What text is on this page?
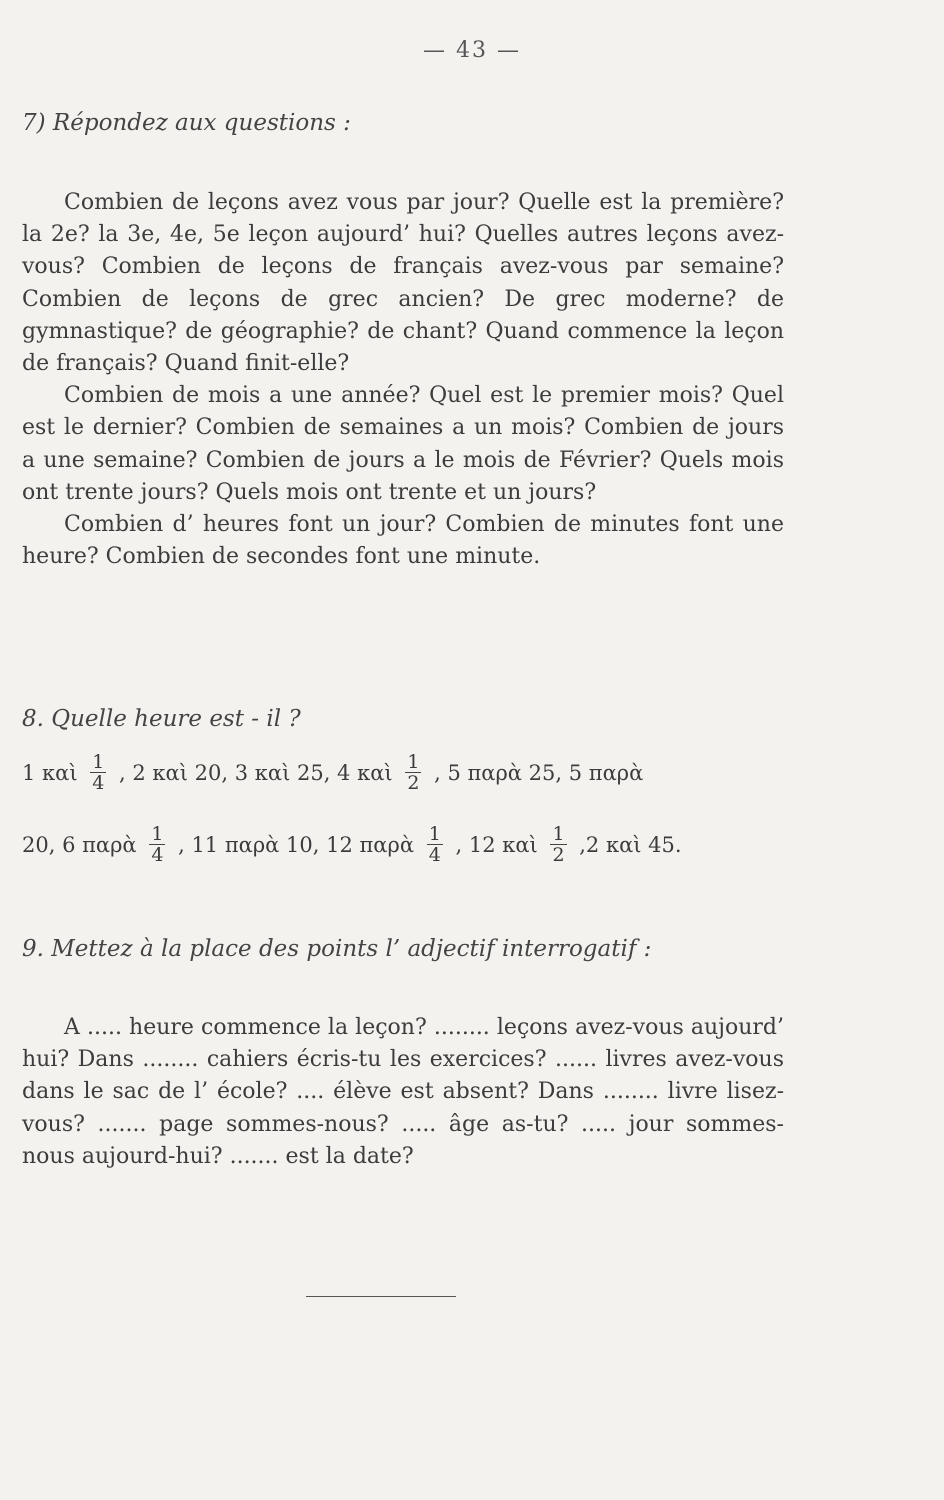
— 43 —
7) Répondez aux questions :

Combien de leçons avez vous par jour? Quelle est la première? la 2e? la 3e, 4e, 5e leçon aujourd’ hui? Quelles autres leçons avez-vous? Combien de leçons de français avez-vous par semaine? Combien de leçons de grec ancien? De grec moderne? de gymnastique? de géographie? de chant? Quand commence la leçon de français? Quand finit-elle?

Combien de mois a une année? Quel est le premier mois? Quel est le dernier? Combien de semaines a un mois? Combien de jours a une semaine? Combien de jours a le mois de Février? Quels mois ont trente jours? Quels mois ont trente et un jours?

Combien d’ heures font un jour? Combien de minutes font une heure? Combien de secondes font une minute.

8. Quelle heure est - il ?
1 καὶ $\frac{1}{4}$ , 2 καὶ 20, 3 καὶ 25, 4 καὶ $\frac{1}{2}$ , 5 παρὰ 25, 5 παρὰ
20, 6 παρὰ $\frac{1}{4}$ , 11 παρὰ 10, 12 παρὰ $\frac{1}{4}$ , 12 καὶ $\frac{1}{2} ,2$ καὶ 45.
9. Mettez à la place des points l’ adjectif interrogatif :

A ..... heure commence la leçon? ........ leçons avez-vous aujourd’ hui? Dans ........ cahiers écris-tu les exercices? ...... livres avez-vous dans le sac de l’ école? .... élève est absent? Dans ........ livre lisez-vous? ....... page sommes-nous? ..... âge as-tu? ..... jour sommes-nous aujourd-hui? ....... est la date?
